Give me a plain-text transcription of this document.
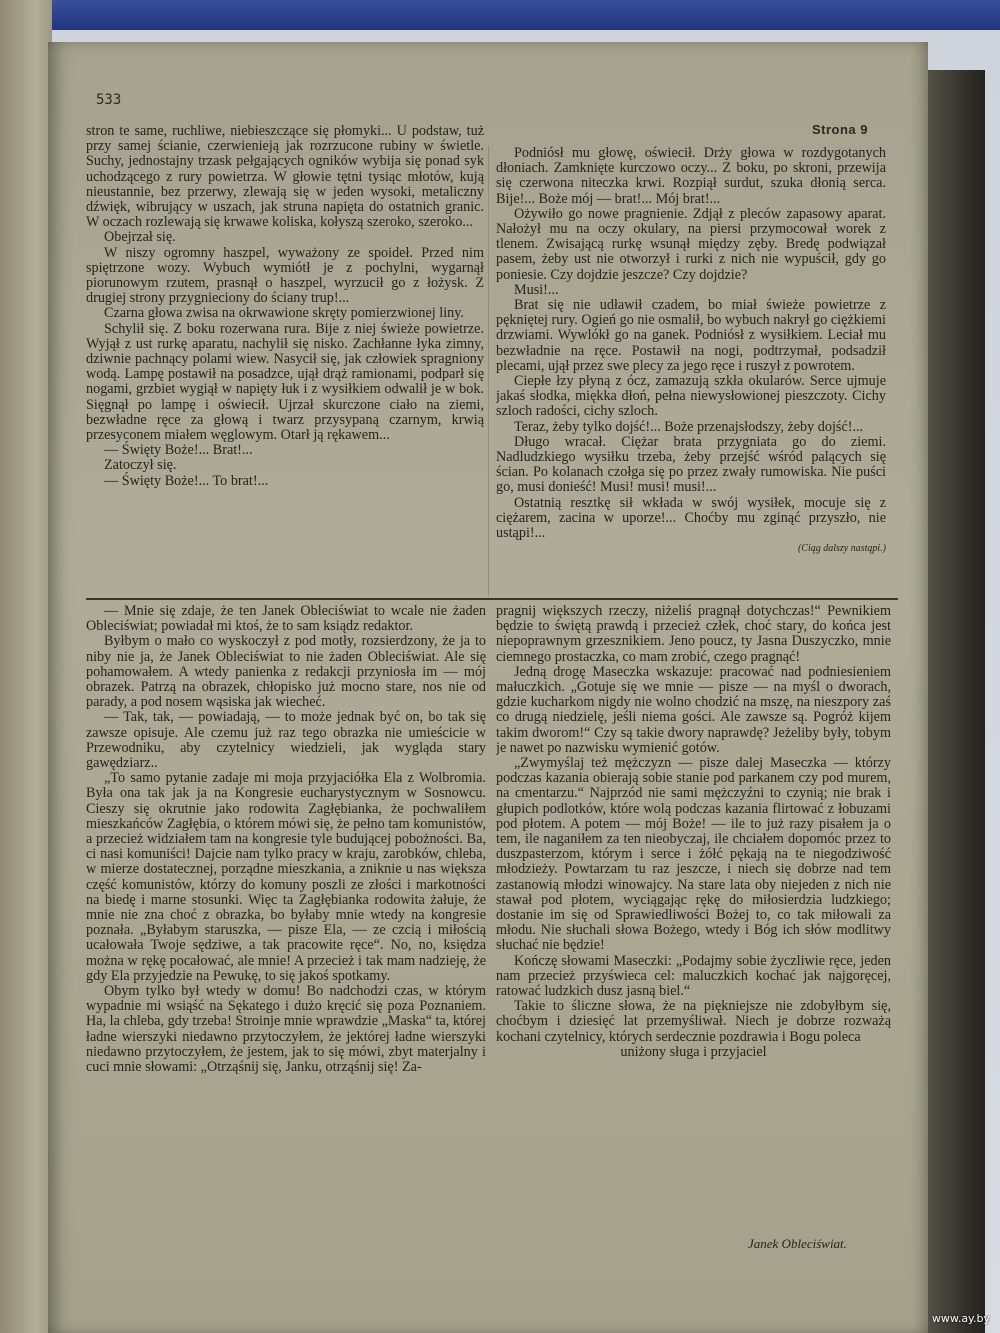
533
Strona 9

stron te same, ruchliwe, niebieszczące się płomyki... U podstaw, tuż przy samej ścianie, czerwienieją jak rozrzucone rubiny w świetle. Suchy, jednostajny trzask pełgających ogników wybija się ponad syk uchodzącego z rury powietrza. W głowie tętni tysiąc młotów, kują nieustannie, bez przerwy, zlewają się w jeden wysoki, metaliczny dźwięk, wibrujący w uszach, jak struna napięta do ostatnich granic. W oczach rozlewają się krwawe koliska, kołyszą szeroko, szeroko...

Obejrzał się.

W niszy ogromny haszpel, wyważony ze spoideł. Przed nim spiętrzone wozy. Wybuch wymiótł je z pochylni, wygarnął piorunowym rzutem, prasnął o haszpel, wyrzucił go z łożysk. Z drugiej strony przygnieciony do ściany trup!...

Czarna głowa zwisa na okrwawione skręty pomierzwionej liny.

Schylił się. Z boku rozerwana rura. Bije z niej świeże powietrze. Wyjął z ust rurkę aparatu, nachylił się nisko. Zachłanne łyka zimny, dziwnie pachnący polami wiew. Nasycił się, jak człowiek spragniony wodą. Lampę postawił na posadzce, ujął drąż ramionami, podparł się nogami, grzbiet wygiął w napięty łuk i z wysiłkiem odwalił je w bok. Sięgnął po lampę i oświecił. Ujrzał skurczone ciało na ziemi, bezwładne ręce za głową i twarz przysypaną czarnym, krwią przesyconem miałem węglowym. Otarł ją rękawem...

— Święty Boże!... Brat!...

Zatoczył się.

— Święty Boże!... To brat!...

Podniósł mu głowę, oświecił. Drży głowa w rozdygotanych dłoniach. Zamknięte kurczowo oczy... Z boku, po skroni, przewija się czerwona niteczka krwi. Rozpiął surdut, szuka dłonią serca. Bije!... Boże mój — brat!... Mój brat!...

Ożywiło go nowe pragnienie. Zdjął z pleców zapasowy aparat. Nałożył mu na oczy okulary, na piersi przymocował worek z tlenem. Zwisającą rurkę wsunął między zęby. Bredę podwiązał pasem, żeby ust nie otworzył i rurki z nich nie wypuścił, gdy go poniesie. Czy dojdzie jeszcze? Czy dojdzie?

Musi!...

Brat się nie udławił czadem, bo miał świeże powietrze z pękniętej rury. Ogień go nie osmalił, bo wybuch nakrył go ciężkiemi drzwiami. Wywlókł go na ganek. Podniósł z wysiłkiem. Leciał mu bezwładnie na ręce. Postawił na nogi, podtrzymał, podsadził plecami, ujął przez swe plecy za jego ręce i ruszył z powrotem.

Ciepłe łzy płyną z ócz, zamazują szkła okularów. Serce ujmuje jakaś słodka, miękka dłoń, pełna niewysłowionej pieszczoty. Cichy szloch radości, cichy szloch.

Teraz, żeby tylko dojść!... Boże przenajsłodszy, żeby dojść!...

Długo wracał. Ciężar brata przygniata go do ziemi. Nadludzkiego wysiłku trzeba, żeby przejść wśród palących się ścian. Po kolanach czołga się po przez zwały rumowiska. Nie puści go, musi donieść! Musi! musi! musi!...

Ostatnią resztkę sił wkłada w swój wysiłek, mocuje się z ciężarem, zacina w uporze!... Choćby mu zginąć przyszło, nie ustąpi!...

(Ciąg dalszy nastąpi.)

— Mnie się zdaje, że ten Janek Obleciświat to wcale nie żaden Obleciświat; powiadał mi ktoś, że to sam ksiądz redaktor.

Byłbym o mało co wyskoczył z pod motły, rozsierdzony, że ja to niby nie ja, że Janek Obleciświat to nie żaden Obleciświat. Ale się pohamowałem. A wtedy panienka z redakcji przyniosła im — mój obrazek. Patrzą na obrazek, chłopisko już mocno stare, nos nie od parady, a pod nosem wąsiska jak wiecheć.

— Tak, tak, — powiadają, — to może jednak być on, bo tak się zawsze opisuje. Ale czemu już raz tego obrazka nie umieścicie w Przewodniku, aby czytelnicy wiedzieli, jak wygląda stary gawędziarz..

„To samo pytanie zadaje mi moja przyjaciółka Ela z Wolbromia. Była ona tak jak ja na Kongresie eucharystycznym w Sosnowcu. Cieszy się okrutnie jako rodowita Zagłębianka, że pochwaliłem mieszkańców Zagłębia, o którem mówi się, że pełno tam komunistów, a przecież widziałem tam na kongresie tyle budującej pobożności. Ba, ci nasi komuniści! Dajcie nam tylko pracy w kraju, zarobków, chleba, w mierze dostatecznej, porządne mieszkania, a zniknie u nas większa część komunistów, którzy do komuny poszli ze złości i markotności na biedę i marne stosunki. Więc ta Zagłębianka rodowita żałuje, że mnie nie zna choć z obrazka, bo byłaby mnie wtedy na kongresie poznała. „Byłabym staruszka, — pisze Ela, — ze czcią i miłością ucałowała Twoje sędziwe, a tak pracowite ręce“. No, no, księdza można w rękę pocałować, ale mnie! A przecież i tak mam nadzieję, że gdy Ela przyjedzie na Pewukę, to się jakoś spotkamy.

Obym tylko był wtedy w domu! Bo nadchodzi czas, w którym wypadnie mi wsiąść na Sękatego i dużo kręcić się poza Poznaniem. Ha, la chleba, gdy trzeba! Stroinje mnie wprawdzie „Maska“ ta, której ładne wierszyki niedawno przytoczyłem, że jektórej ładne wierszyki niedawno przytoczyłem, że jestem, jak to się mówi, zbyt materjalny i cuci mnie słowami: „Otrząśnij się, Janku, otrząśnij się! Za-

pragnij większych rzeczy, niżeliś pragnął dotychczas!“ Pewnikiem będzie to świętą prawdą i przecież człek, choć stary, do końca jest niepoprawnym grzesznikiem. Jeno poucz, ty Jasna Duszyczko, mnie ciemnego prostaczka, co mam zrobić, czego pragnąć!

Jedną drogę Maseczka wskazuje: pracować nad podniesieniem małuczkich. „Gotuje się we mnie — pisze — na myśl o dworach, gdzie kucharkom nigdy nie wolno chodzić na mszę, na nieszpory zaś co drugą niedzielę, jeśli niema gości. Ale zawsze są. Pogróż kijem takim dworom!“ Czy są takie dwory naprawdę? Jeżeliby były, tobym je nawet po nazwisku wymienić gotów.

„Zwymyślaj też mężczyzn — pisze dalej Maseczka — którzy podczas kazania obierają sobie stanie pod parkanem czy pod murem, na cmentarzu.“ Najprzód nie sami mężczyźni to czynią; nie brak i głupich podlotków, które wolą podczas kazania flirtować z łobuzami pod płotem. A potem — mój Boże! — ile to już razy pisałem ja o tem, ile naganiłem za ten nieobyczaj, ile chciałem dopomóc przez to duszpasterzom, którym i serce i żółć pękają na te niegodziwość młodzieży. Powtarzam tu raz jeszcze, i niech się dobrze nad tem zastanowią młodzi winowajcy. Na stare lata oby niejeden z nich nie stawał pod płotem, wyciągając rękę do miłosierdzia ludzkiego; dostanie im się od Sprawiedliwości Bożej to, co tak miłowali za młodu. Nie słuchali słowa Bożego, wtedy i Bóg ich słów modlitwy słuchać nie będzie!

Kończę słowami Maseczki: „Podajmy sobie życzliwie ręce, jeden nam przecież przyświeca cel: maluczkich kochać jak najgoręcej, ratować ludzkich dusz jasną biel.“

Takie to śliczne słowa, że na piękniejsze nie zdobyłbym się, choćbym i dziesięć lat przemyśliwał. Niech je dobrze rozważą kochani czytelnicy, których serdecznie pozdrawia i Bogu poleca

uniżony sługa i przyjaciel

Janek Obleciświat.
www.ay.by
